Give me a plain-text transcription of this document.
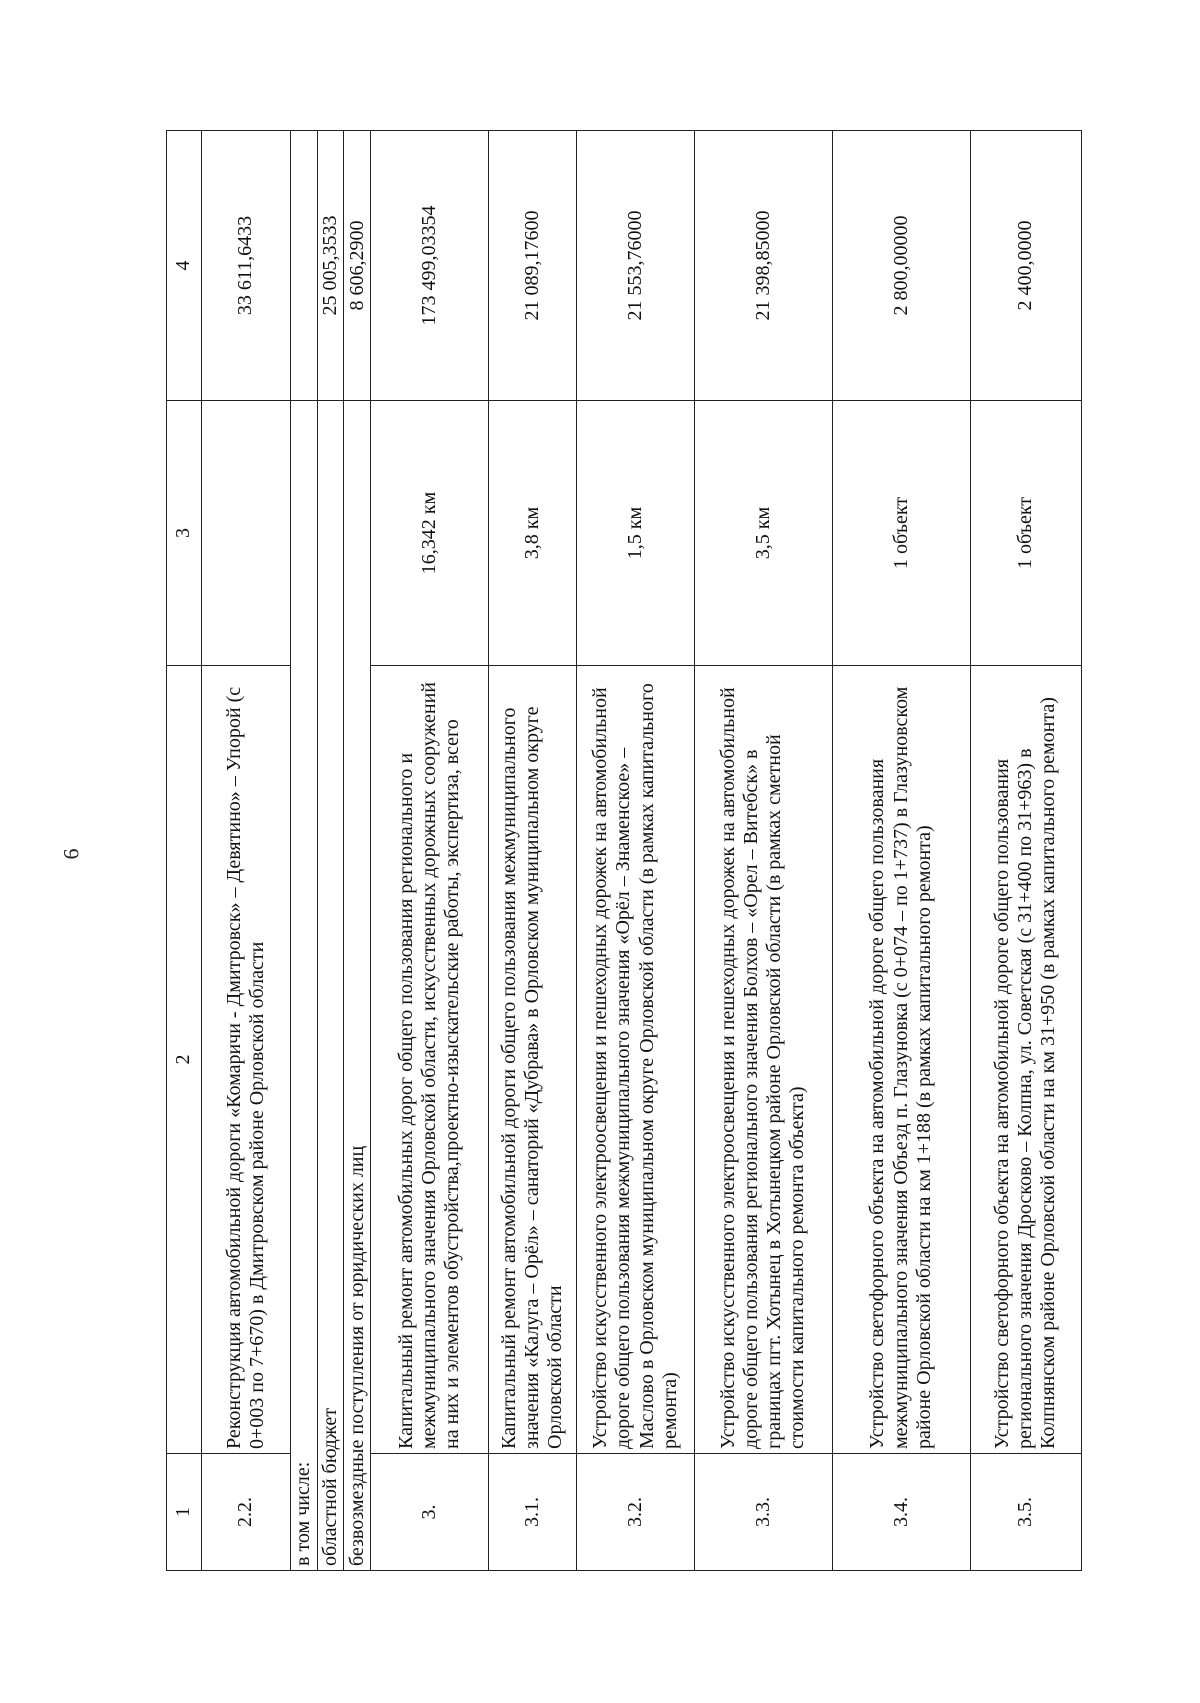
6
1	2	3	4
2.2.	Реконструкция автомобильной дороги «Комаричи - Дмитровск» – Девятино» – Упорой (с 0+003 по 7+670) в Дмитровском районе Орловской области		33 611,6433
в том числе:			
областной бюджет			25 005,3533
безвозмездные поступления от юридических лиц			8 606,2900
3.	Капитальный ремонт автомобильных дорог общего пользования регионального и межмуниципального значения Орловской области, искусственных дорожных сооружений на них и элементов обустройства,проектно-изыскательские работы, экспертиза, всего	16,342 км	173 499,03354
3.1.	Капитальный ремонт автомобильной дороги общего пользования межмуниципального значения «Калуга – Орёл» – санаторий «Дубрава» в Орловском муниципальном округе Орловской области	3,8 км	21 089,17600
3.2.	Устройство искусственного электроосвещения и пешеходных дорожек на автомобильной дороге общего пользования межмуниципального значения «Орёл – Знаменское» – Маслово в Орловском муниципальном округе Орловской области (в рамках капитального ремонта)	1,5 км	21 553,76000
3.3.	Устройство искусственного электроосвещения и пешеходных дорожек на автомобильной дороге общего пользования регионального значения Болхов – «Орел – Витебск» в границах пгт. Хотынец в Хотынецком районе Орловской области (в рамках сметной стоимости капитального ремонта объекта)	3,5 км	21 398,85000
3.4.	Устройство светофорного объекта на автомобильной дороге общего пользования межмуниципального значения Объезд п. Глазуновка (с 0+074 – по 1+737) в Глазуновском районе Орловской области на км 1+188 (в рамках капитального ремонта)	1 объект	2 800,00000
3.5.	Устройство светофорного объекта на автомобильной дороге общего пользования регионального значения Дросково – Колпна, ул. Советская (с 31+400 по 31+963) в Колпнянском районе Орловской области на км 31+950 (в рамках капитального ремонта)	1 объект	2 400,0000
